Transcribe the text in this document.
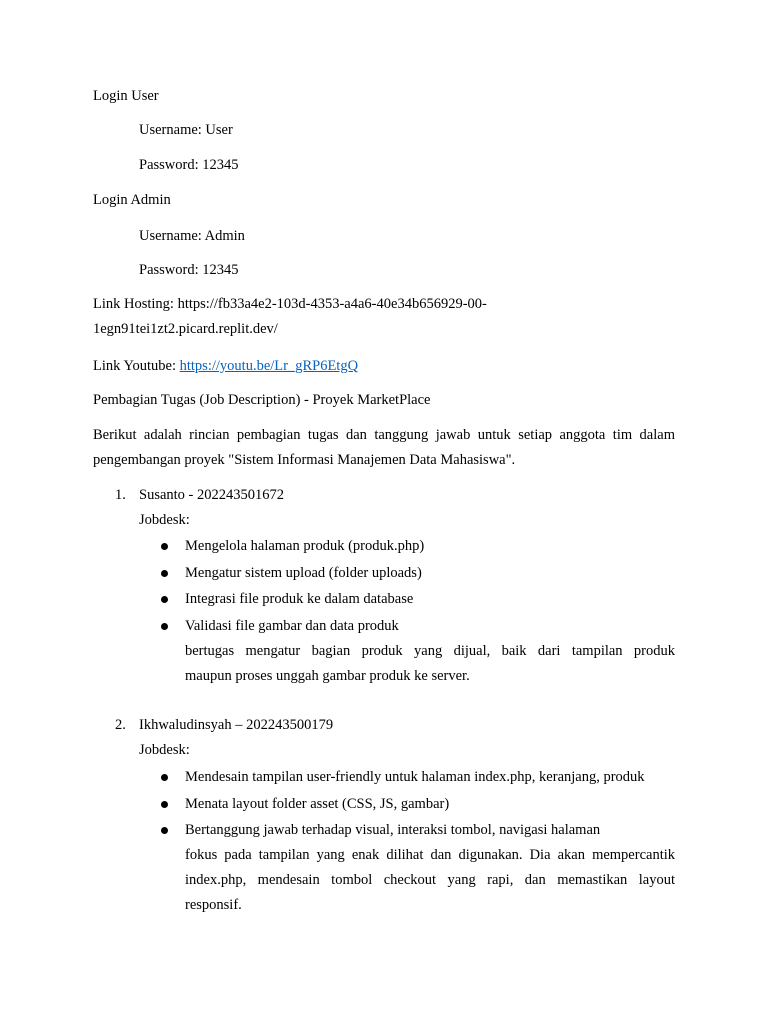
Login User
Username: User
Password: 12345
Login Admin
Username: Admin
Password: 12345
Link Hosting: https://fb33a4e2-103d-4353-a4a6-40e34b656929-00-
1egn91tei1zt2.picard.replit.dev/
Link Youtube: https://youtu.be/Lr_gRP6EtgQ
Pembagian Tugas (Job Description) - Proyek MarketPlace
Berikut adalah rincian pembagian tugas dan tanggung jawab untuk setiap anggota tim dalam
pengembangan proyek "Sistem Informasi Manajemen Data Mahasiswa".
1. Susanto - 202243501672
Jobdesk:
Mengelola halaman produk (produk.php)
Mengatur sistem upload (folder uploads)
Integrasi file produk ke dalam database
Validasi file gambar dan data produk
bertugas mengatur bagian produk yang dijual, baik dari tampilan produk
maupun proses unggah gambar produk ke server.
2. Ikhwaludinsyah – 202243500179
Jobdesk:
Mendesain tampilan user-friendly untuk halaman index.php, keranjang, produk
Menata layout folder asset (CSS, JS, gambar)
Bertanggung jawab terhadap visual, interaksi tombol, navigasi halaman
fokus pada tampilan yang enak dilihat dan digunakan. Dia akan mempercantik
index.php, mendesain tombol checkout yang rapi, dan memastikan layout
responsif.
